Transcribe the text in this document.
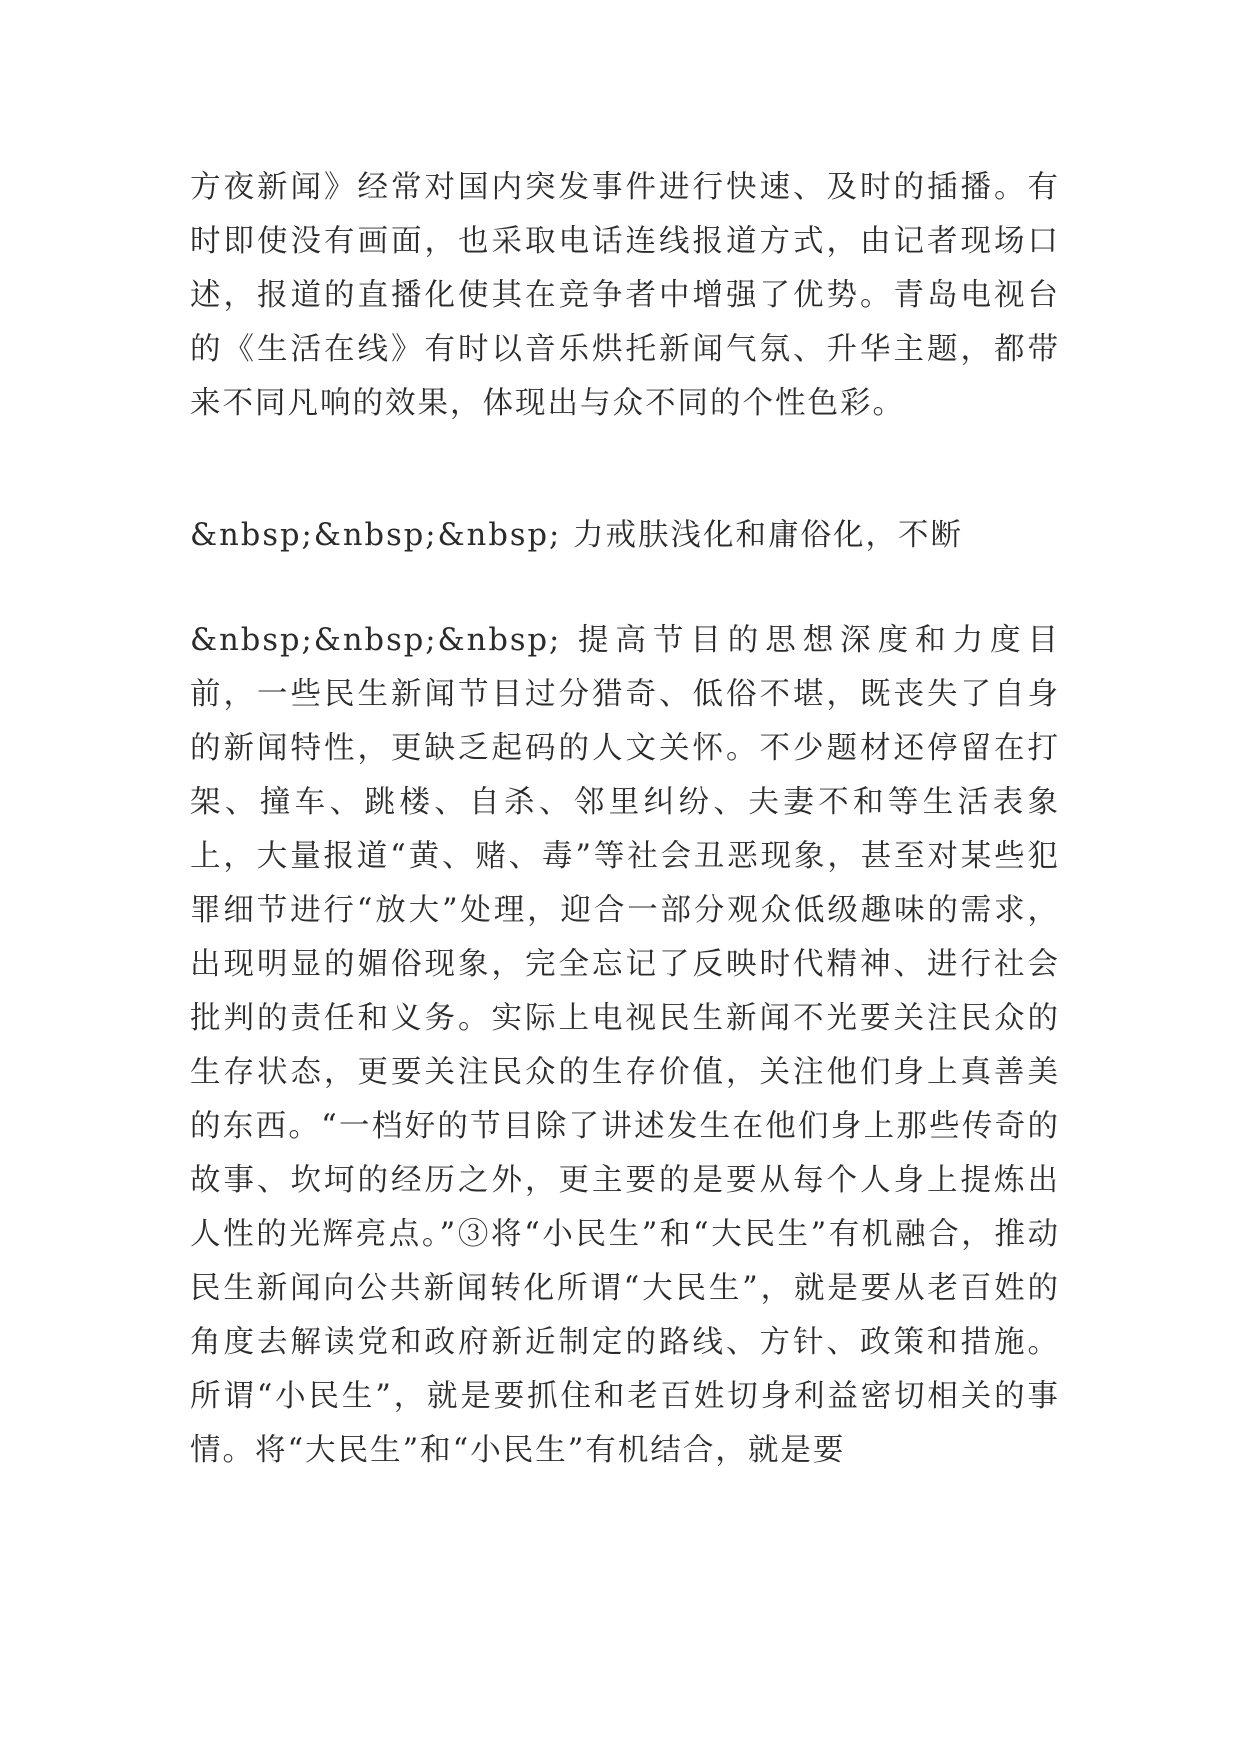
方夜新闻》经常对国内突发事件进行快速、及时的插播。有时即使没有画面，也采取电话连线报道方式，由记者现场口述，报道的直播化使其在竞争者中增强了优势。青岛电视台的《生活在线》有时以音乐烘托新闻气氛、升华主题，都带来不同凡响的效果，体现出与众不同的个性色彩。

&nbsp;&nbsp;&nbsp; 力戒肤浅化和庸俗化，不断

&nbsp;&nbsp;&nbsp; 提高节目的思想深度和力度目前，一些民生新闻节目过分猎奇、低俗不堪，既丧失了自身的新闻特性，更缺乏起码的人文关怀。不少题材还停留在打架、撞车、跳楼、自杀、邻里纠纷、夫妻不和等生活表象上，大量报道“黄、赌、毒”等社会丑恶现象，甚至对某些犯罪细节进行“放大”处理，迎合一部分观众低级趣味的需求，出现明显的媚俗现象，完全忘记了反映时代精神、进行社会批判的责任和义务。实际上电视民生新闻不光要关注民众的生存状态，更要关注民众的生存价值，关注他们身上真善美的东西。“一档好的节目除了讲述发生在他们身上那些传奇的故事、坎坷的经历之外，更主要的是要从每个人身上提炼出人性的光辉亮点。”③将“小民生”和“大民生”有机融合，推动民生新闻向公共新闻转化所谓“大民生”，就是要从老百姓的角度去解读党和政府新近制定的路线、方针、政策和措施。所谓“小民生”，就是要抓住和老百姓切身利益密切相关的事情。将“大民生”和“小民生”有机结合，就是要
